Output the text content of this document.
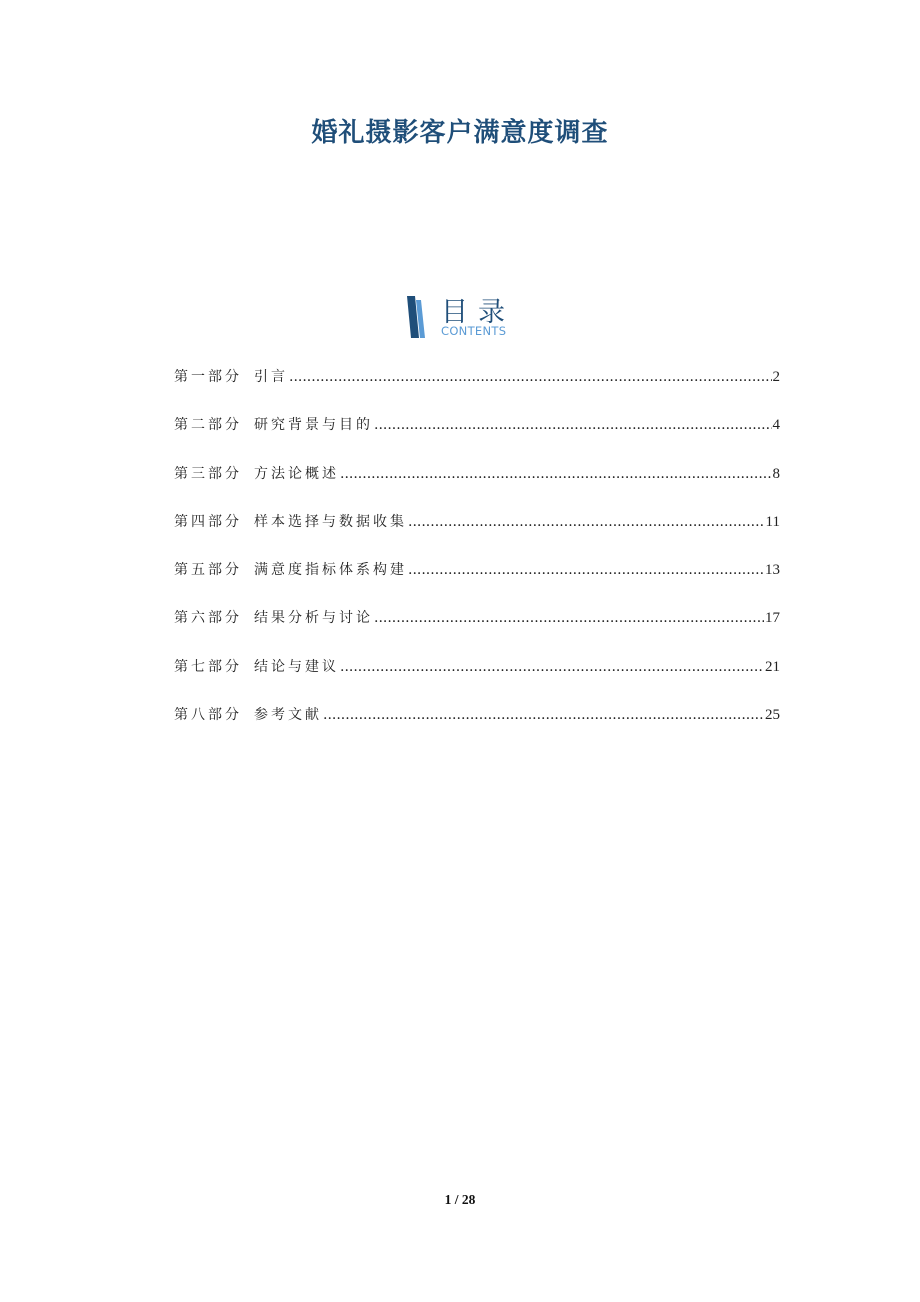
婚礼摄影客户满意度调查
目录
CONTENTS
第一部分 引言 .....	2
第二部分 研究背景与目的 .....	4
第三部分 方法论概述 .....	8
第四部分 样本选择与数据收集 .....	11
第五部分 满意度指标体系构建 .....	13
第六部分 结果分析与讨论 .....	17
第七部分 结论与建议 .....	21
第八部分 参考文献 .....	25
1 / 28
